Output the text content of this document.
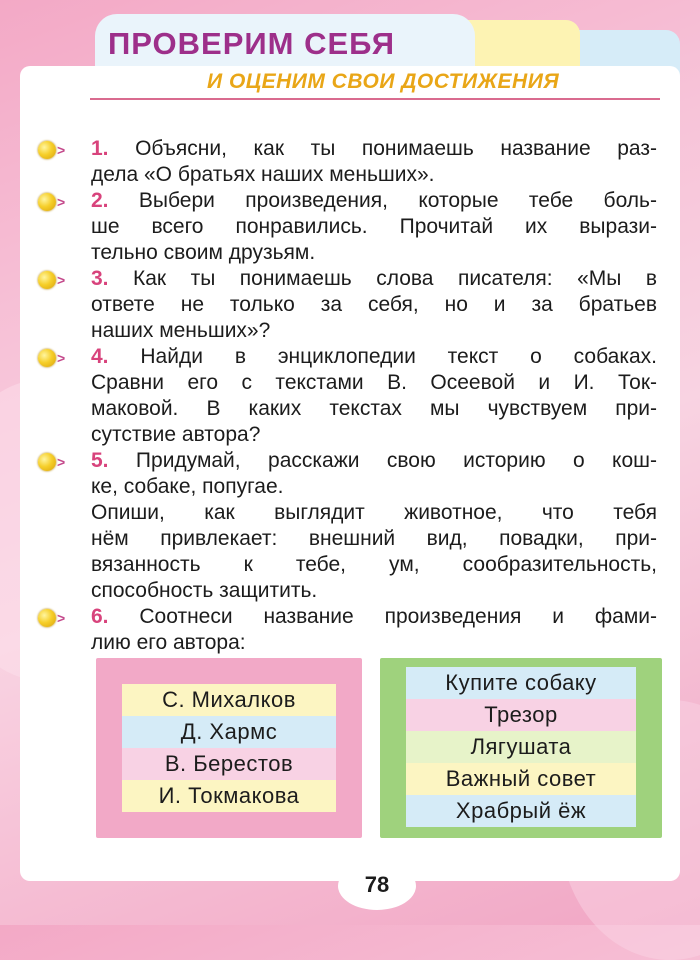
ПРОВЕРИМ СЕБЯ
И ОЦЕНИМ СВОИ ДОСТИЖЕНИЯ
> 1. Объясни, как ты понимаешь название раз-
дела «О братьях наших меньших».
> 2. Выбери произведения, которые тебе боль-
ше всего понравились. Прочитай их вырази-
тельно своим друзьям.
> 3. Как ты понимаешь слова писателя: «Мы в
ответе не только за себя, но и за братьев
наших меньших»?
> 4. Найди в энциклопедии текст о собаках.
Сравни его с текстами В. Осеевой и И. Ток-
маковой. В каких текстах мы чувствуем при-
сутствие автора?
> 5. Придумай, расскажи свою историю о кош-
ке, собаке, попугае.
Опиши, как выглядит животное, что тебя
нём привлекает: внешний вид, повадки, при-
вязанность к тебе, ум, сообразительность,
способность защитить.
> 6. Соотнеси название произведения и фами-
лию его автора:
С. Михалков
Д. Хармс
В. Берестов
И. Токмакова
Купите собаку
Трезор
Лягушата
Важный совет
Храбрый ёж
78
